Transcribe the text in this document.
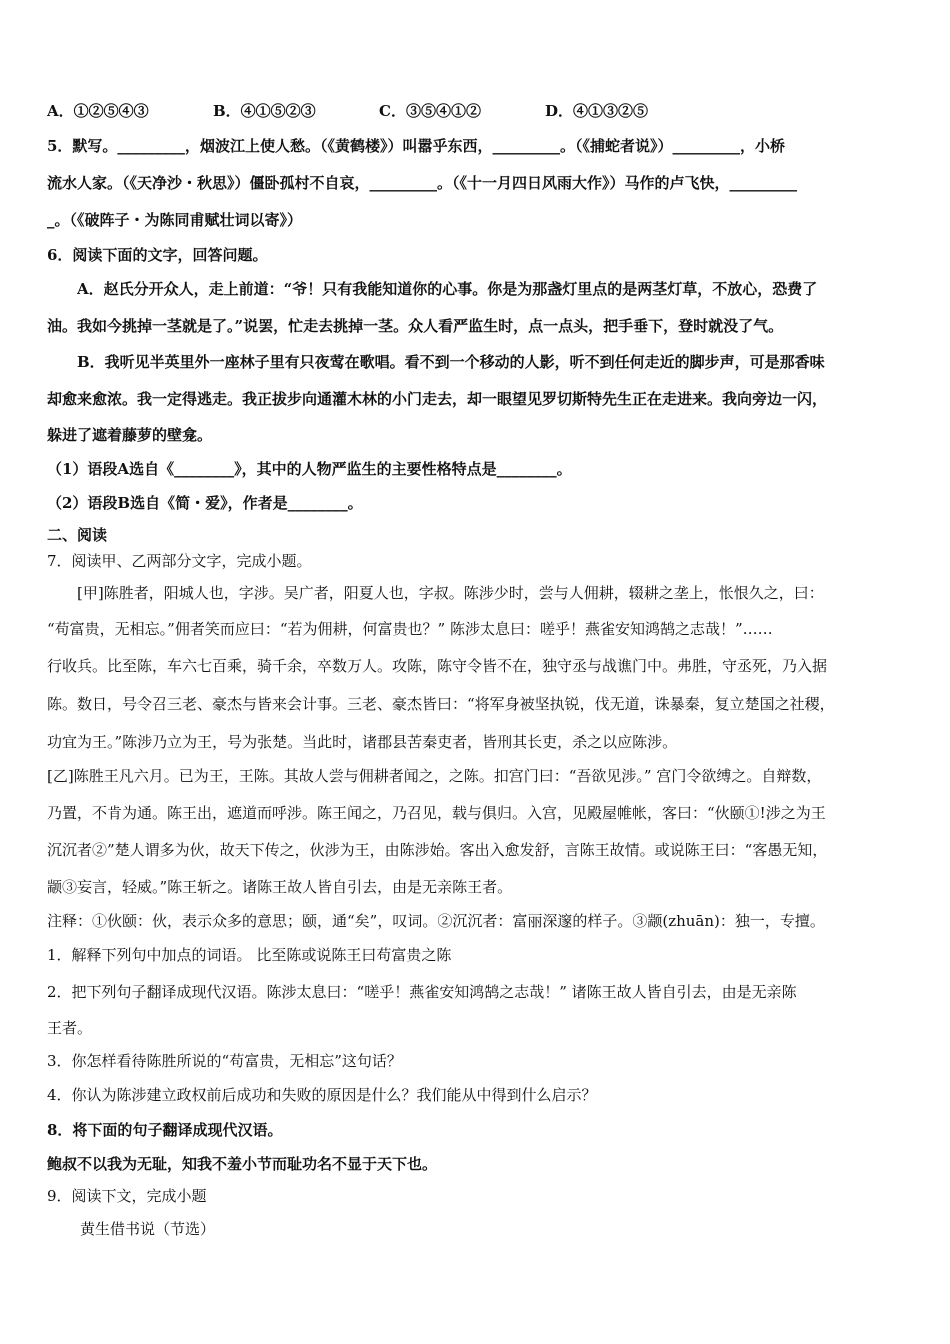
A．①②⑤④③	B．④①⑤②③	C．③⑤④①②	D．④①③②⑤
5．默写。_________，烟波江上使人愁。（《黄鹤楼》）叫嚣乎东西，_________。（《捕蛇者说》）_________，小桥
流水人家。（《天净沙・秋思》）僵卧孤村不自哀，_________。（《十一月四日风雨大作》）马作的卢飞快，_________
_。（《破阵子・为陈同甫赋壮词以寄》）
6．阅读下面的文字，回答问题。
A．赵氏分开众人，走上前道：“爷！只有我能知道你的心事。你是为那盏灯里点的是两茎灯草，不放心，恐费了
油。我如今挑掉一茎就是了。”说罢，忙走去挑掉一茎。众人看严监生时，点一点头，把手垂下，登时就没了气。
B．我听见半英里外一座林子里有只夜莺在歌唱。看不到一个移动的人影，听不到任何走近的脚步声，可是那香味
却愈来愈浓。我一定得逃走。我正拔步向通灌木林的小门走去，却一眼望见罗切斯特先生正在走进来。我向旁边一闪，
躲进了遮着藤萝的壁龛。
（1）语段A选自《________》，其中的人物严监生的主要性格特点是________。
（2）语段B选自《简・爱》，作者是________。
二、阅读
7．阅读甲、乙两部分文字，完成小题。
[甲]陈胜者，阳城人也，字涉。吴广者，阳夏人也，字叔。陈涉少时，尝与人佣耕，辍耕之垄上，怅恨久之，曰：
“苟富贵，无相忘。”佣者笑而应曰：“若为佣耕，何富贵也？” 陈涉太息曰：嗟乎！燕雀安知鸿鹄之志哉！”……
行收兵。比至陈，车六七百乘，骑千余，卒数万人。攻陈，陈守令皆不在，独守丞与战谯门中。弗胜，守丞死，乃入据
陈。数日，号令召三老、豪杰与皆来会计事。三老、豪杰皆曰：“将军身被坚执锐，伐无道，诛暴秦，复立楚国之社稷，
功宜为王。”陈涉乃立为王，号为张楚。当此时，诸郡县苦秦吏者，皆刑其长吏，杀之以应陈涉。
[乙]陈胜王凡六月。已为王，王陈。其故人尝与佣耕者闻之，之陈。扣宫门曰：“吾欲见涉。” 宫门令欲缚之。自辩数，
乃置，不肯为通。陈王出，遮道而呼涉。陈王闻之，乃召见，载与俱归。入宫，见殿屋帷帐，客曰：“伙颐①!涉之为王
沉沉者②”楚人谓多为伙，故天下传之，伙涉为王，由陈涉始。客出入愈发舒，言陈王故情。或说陈王曰：“客愚无知，
颛③妄言，轻威。”陈王斩之。诸陈王故人皆自引去，由是无亲陈王者。
注释：①伙颐：伙，表示众多的意思；颐，通“矣”，叹词。②沉沉者：富丽深邃的样子。③颛(zhuān)：独一，专擅。
1．解释下列句中加点的词语。 比至陈或说陈王曰苟富贵之陈
2．把下列句子翻译成现代汉语。陈涉太息曰：“嗟乎！燕雀安知鸿鹄之志哉！” 诸陈王故人皆自引去，由是无亲陈
王者。
3．你怎样看待陈胜所说的“苟富贵，无相忘”这句话？
4．你认为陈涉建立政权前后成功和失败的原因是什么？我们能从中得到什么启示？
8．将下面的句子翻译成现代汉语。
鲍叔不以我为无耻，知我不羞小节而耻功名不显于天下也。
9．阅读下文，完成小题
黄生借书说（节选）
